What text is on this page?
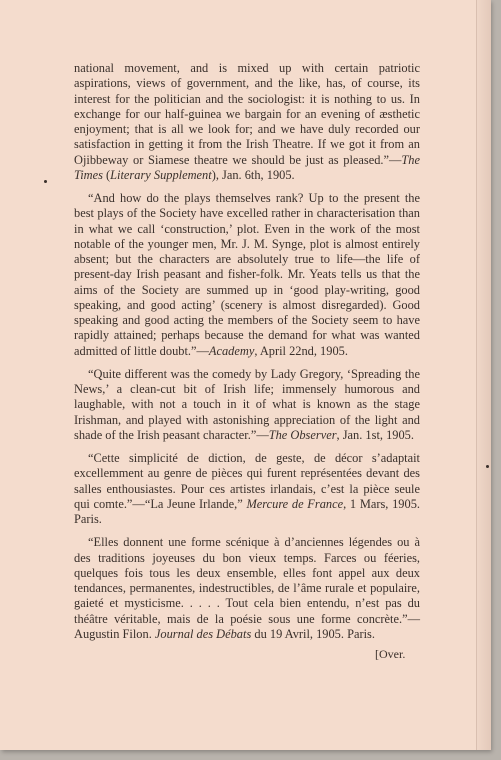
national movement, and is mixed up with certain patriotic aspirations, views of government, and the like, has, of course, its interest for the politician and the sociologist: it is nothing to us. In exchange for our half-guinea we bargain for an evening of æsthetic enjoyment; that is all we look for; and we have duly recorded our satisfaction in getting it from the Irish Theatre. If we got it from an Ojibbeway or Siamese theatre we should be just as pleased.”—The Times (Literary Supplement), Jan. 6th, 1905.

“And how do the plays themselves rank? Up to the present the best plays of the Society have excelled rather in characterisation than in what we call ‘construction,’ plot. Even in the work of the most notable of the younger men, Mr. J. M. Synge, plot is almost entirely absent; but the characters are absolutely true to life—the life of present-day Irish peasant and fisher-folk. Mr. Yeats tells us that the aims of the Society are summed up in ‘good play-writing, good speaking, and good acting’ (scenery is almost disregarded). Good speaking and good acting the members of the Society seem to have rapidly attained; perhaps because the demand for what was wanted admitted of little doubt.”—Academy, April 22nd, 1905.

“Quite different was the comedy by Lady Gregory, ‘Spreading the News,’ a clean-cut bit of Irish life; immensely humorous and laughable, with not a touch in it of what is known as the stage Irishman, and played with astonishing appreciation of the light and shade of the Irish peasant character.”—The Observer, Jan. 1st, 1905.

“Cette simplicité de diction, de geste, de décor s’adaptait excellemment au genre de pièces qui furent représentées devant des salles enthousiastes. Pour ces artistes irlandais, c’est la pièce seule qui comte.”—“La Jeune Irlande,” Mercure de France, 1 Mars, 1905. Paris.

“Elles donnent une forme scénique à d’anciennes légendes ou à des traditions joyeuses du bon vieux temps. Farces ou féeries, quelques fois tous les deux ensemble, elles font appel aux deux tendances, permanentes, indestructibles, de l’âme rurale et populaire, gaieté et mysticisme. . . . . Tout cela bien entendu, n’est pas du théâtre véritable, mais de la poésie sous une forme concrète.”—Augustin Filon. Journal des Débats du 19 Avril, 1905. Paris.

[Over.
